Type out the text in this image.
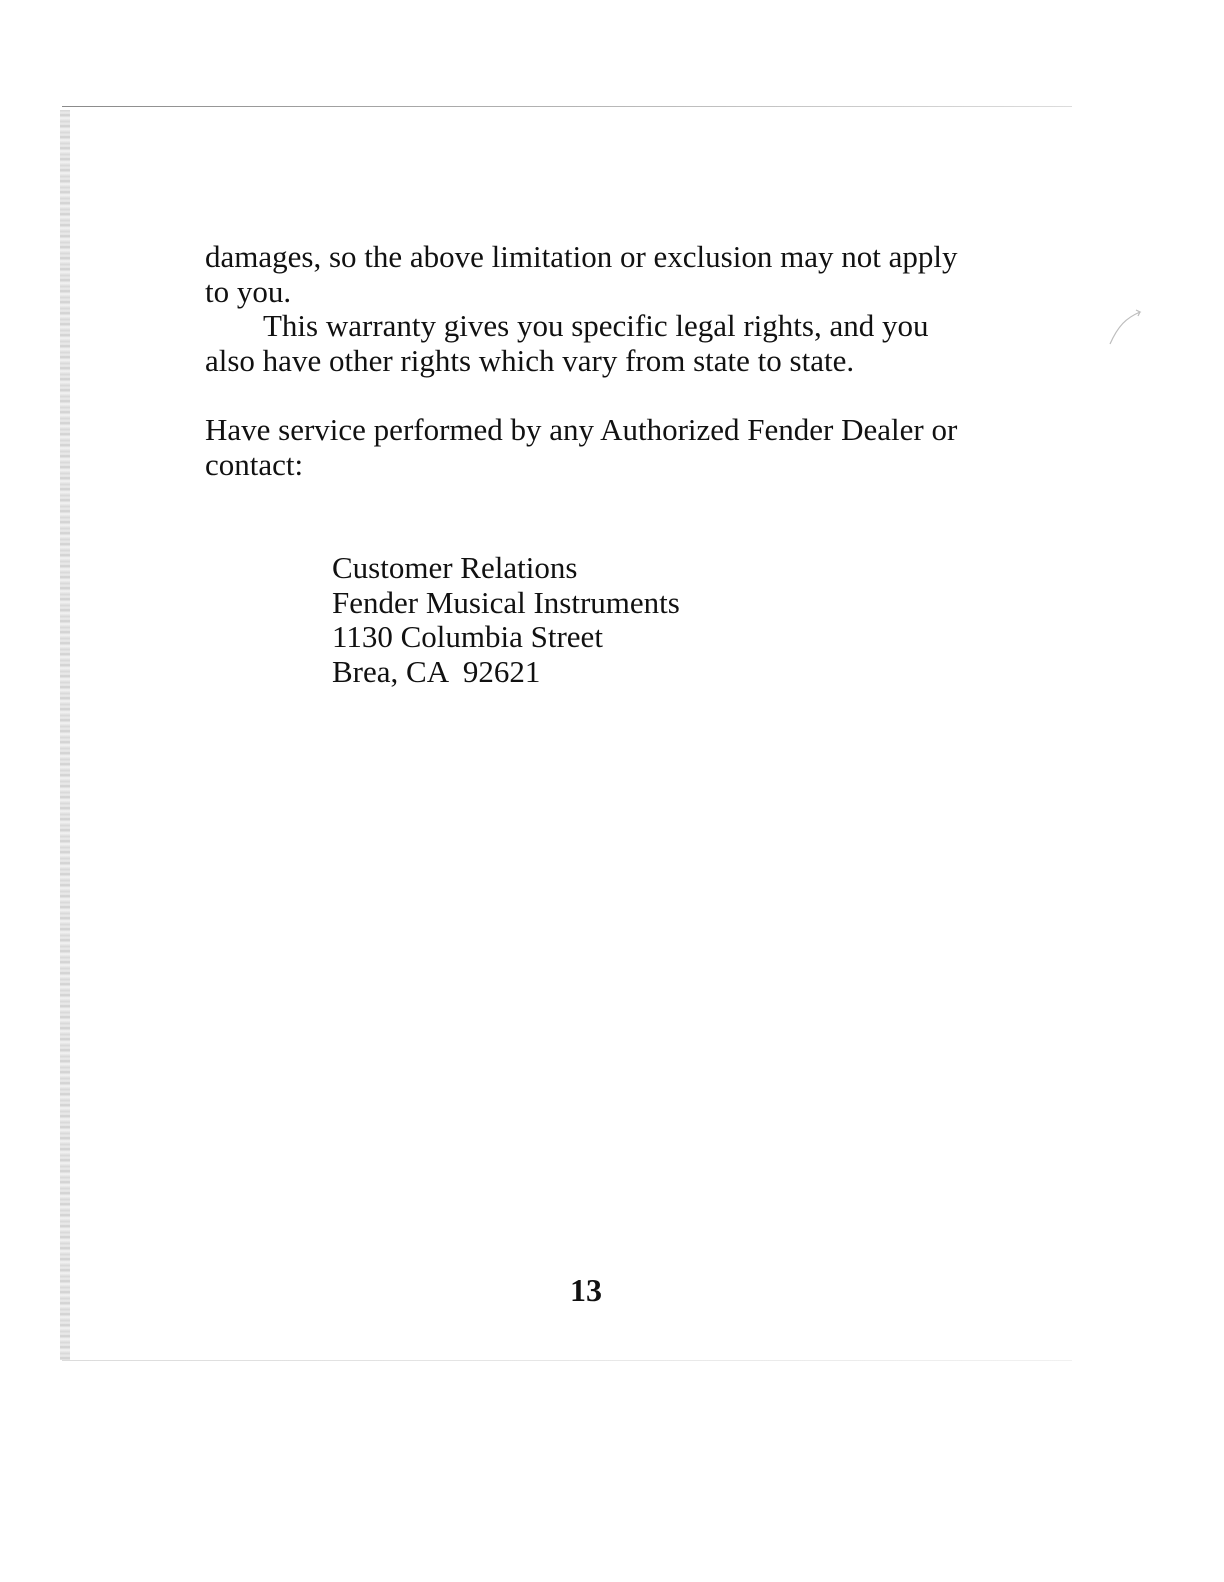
damages, so the above limitation or exclusion may not apply to you.

This warranty gives you specific legal rights, and you also have other rights which vary from state to state.

Have service performed by any Authorized Fender Dealer or contact:

Customer Relations
Fender Musical Instruments
1130 Columbia Street
Brea, CA  92621
13
